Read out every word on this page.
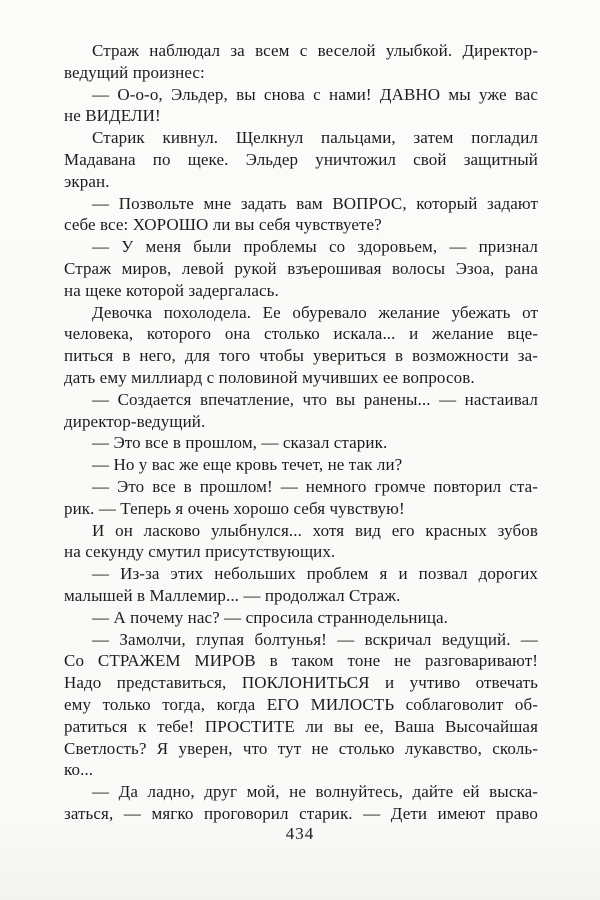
Страж наблюдал за всем с веселой улыбкой. Директор-
ведущий произнес:
— О-о-о, Эльдер, вы снова с нами! ДАВНО мы уже вас
не ВИДЕЛИ!
Старик кивнул. Щелкнул пальцами, затем погладил
Мадавана по щеке. Эльдер уничтожил свой защитный
экран.
— Позвольте мне задать вам ВОПРОС, который задают
себе все: ХОРОШО ли вы себя чувствуете?
— У меня были проблемы со здоровьем, — признал
Страж миров, левой рукой взъерошивая волосы Эзоа, рана
на щеке которой задергалась.
Девочка похолодела. Ее обуревало желание убежать от
человека, которого она столько искала... и желание вце-
питься в него, для того чтобы увериться в возможности за-
дать ему миллиард с половиной мучивших ее вопросов.
— Создается впечатление, что вы ранены... — настаивал
директор-ведущий.
— Это все в прошлом, — сказал старик.
— Но у вас же еще кровь течет, не так ли?
— Это все в прошлом! — немного громче повторил ста-
рик. — Теперь я очень хорошо себя чувствую!
И он ласково улыбнулся... хотя вид его красных зубов
на секунду смутил присутствующих.
— Из-за этих небольших проблем я и позвал дорогих
малышей в Маллемир... — продолжал Страж.
— А почему нас? — спросила страннодельница.
— Замолчи, глупая болтунья! — вскричал ведущий. —
Со СТРАЖЕМ МИРОВ в таком тоне не разговаривают!
Надо представиться, ПОКЛОНИТЬСЯ и учтиво отвечать
ему только тогда, когда ЕГО МИЛОСТЬ соблаговолит об-
ратиться к тебе! ПРОСТИТЕ ли вы ее, Ваша Высочайшая
Светлость? Я уверен, что тут не столько лукавство, сколь-
ко...
— Да ладно, друг мой, не волнуйтесь, дайте ей выска-
заться, — мягко проговорил старик. — Дети имеют право
434
